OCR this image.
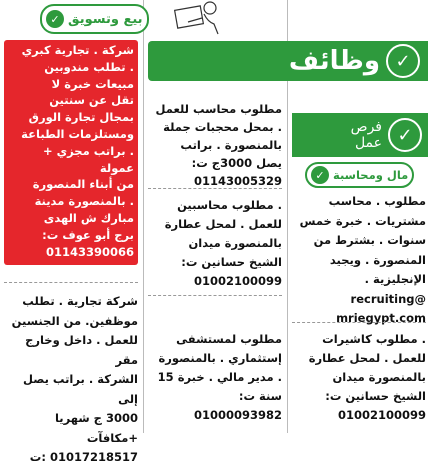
✓ بيع وتسويق
شركة . تجارية كبري
. تطلب مندوبين
مبيعات خبرة لا
تقل عن سنتين
بمجال تجارة الورق
ومستلزمات الطباعة
. براتب مجزي + عمولة
من أبناء المنصورة
. بالمنصورة مدينة
مبارك ش الهدى
برج أبو عوف ت:
01143390066
شركة تجارية . تطلب
موظفين. من الجنسين
للعمل . داخل وخارج مقر
الشركة . براتب يصل إلى
3000 ج شهريا +مكافآت
01017218517 :ت
وظائف ✓
مطلوب محاسب للعمل
. بمحل محجبات جملة
بالمنصورة . براتب
يصل 3000ج ت:
01143005329
. مطلوب محاسبين
للعمل . لمحل عطارة
بالمنصورة ميدان
الشيخ حسانين ت:
01002100099
مطلوب لمستشفى
إستثماري . بالمنصورة
. مدير مالي . خبرة 15
سنة ت: 01000093982
فرص
عمل ✓
✓ مال ومحاسبة
مطلوب . محاسب
مشتريات . خبرة خمس
سنوات . بشترط من
المنصورة . ويجيد
الإنجليزية . @recruiting
mriegypt.com
. مطلوب كاشيرات
للعمل . لمحل عطارة
بالمنصورة ميدان
الشيخ حسانين ت:
01002100099
